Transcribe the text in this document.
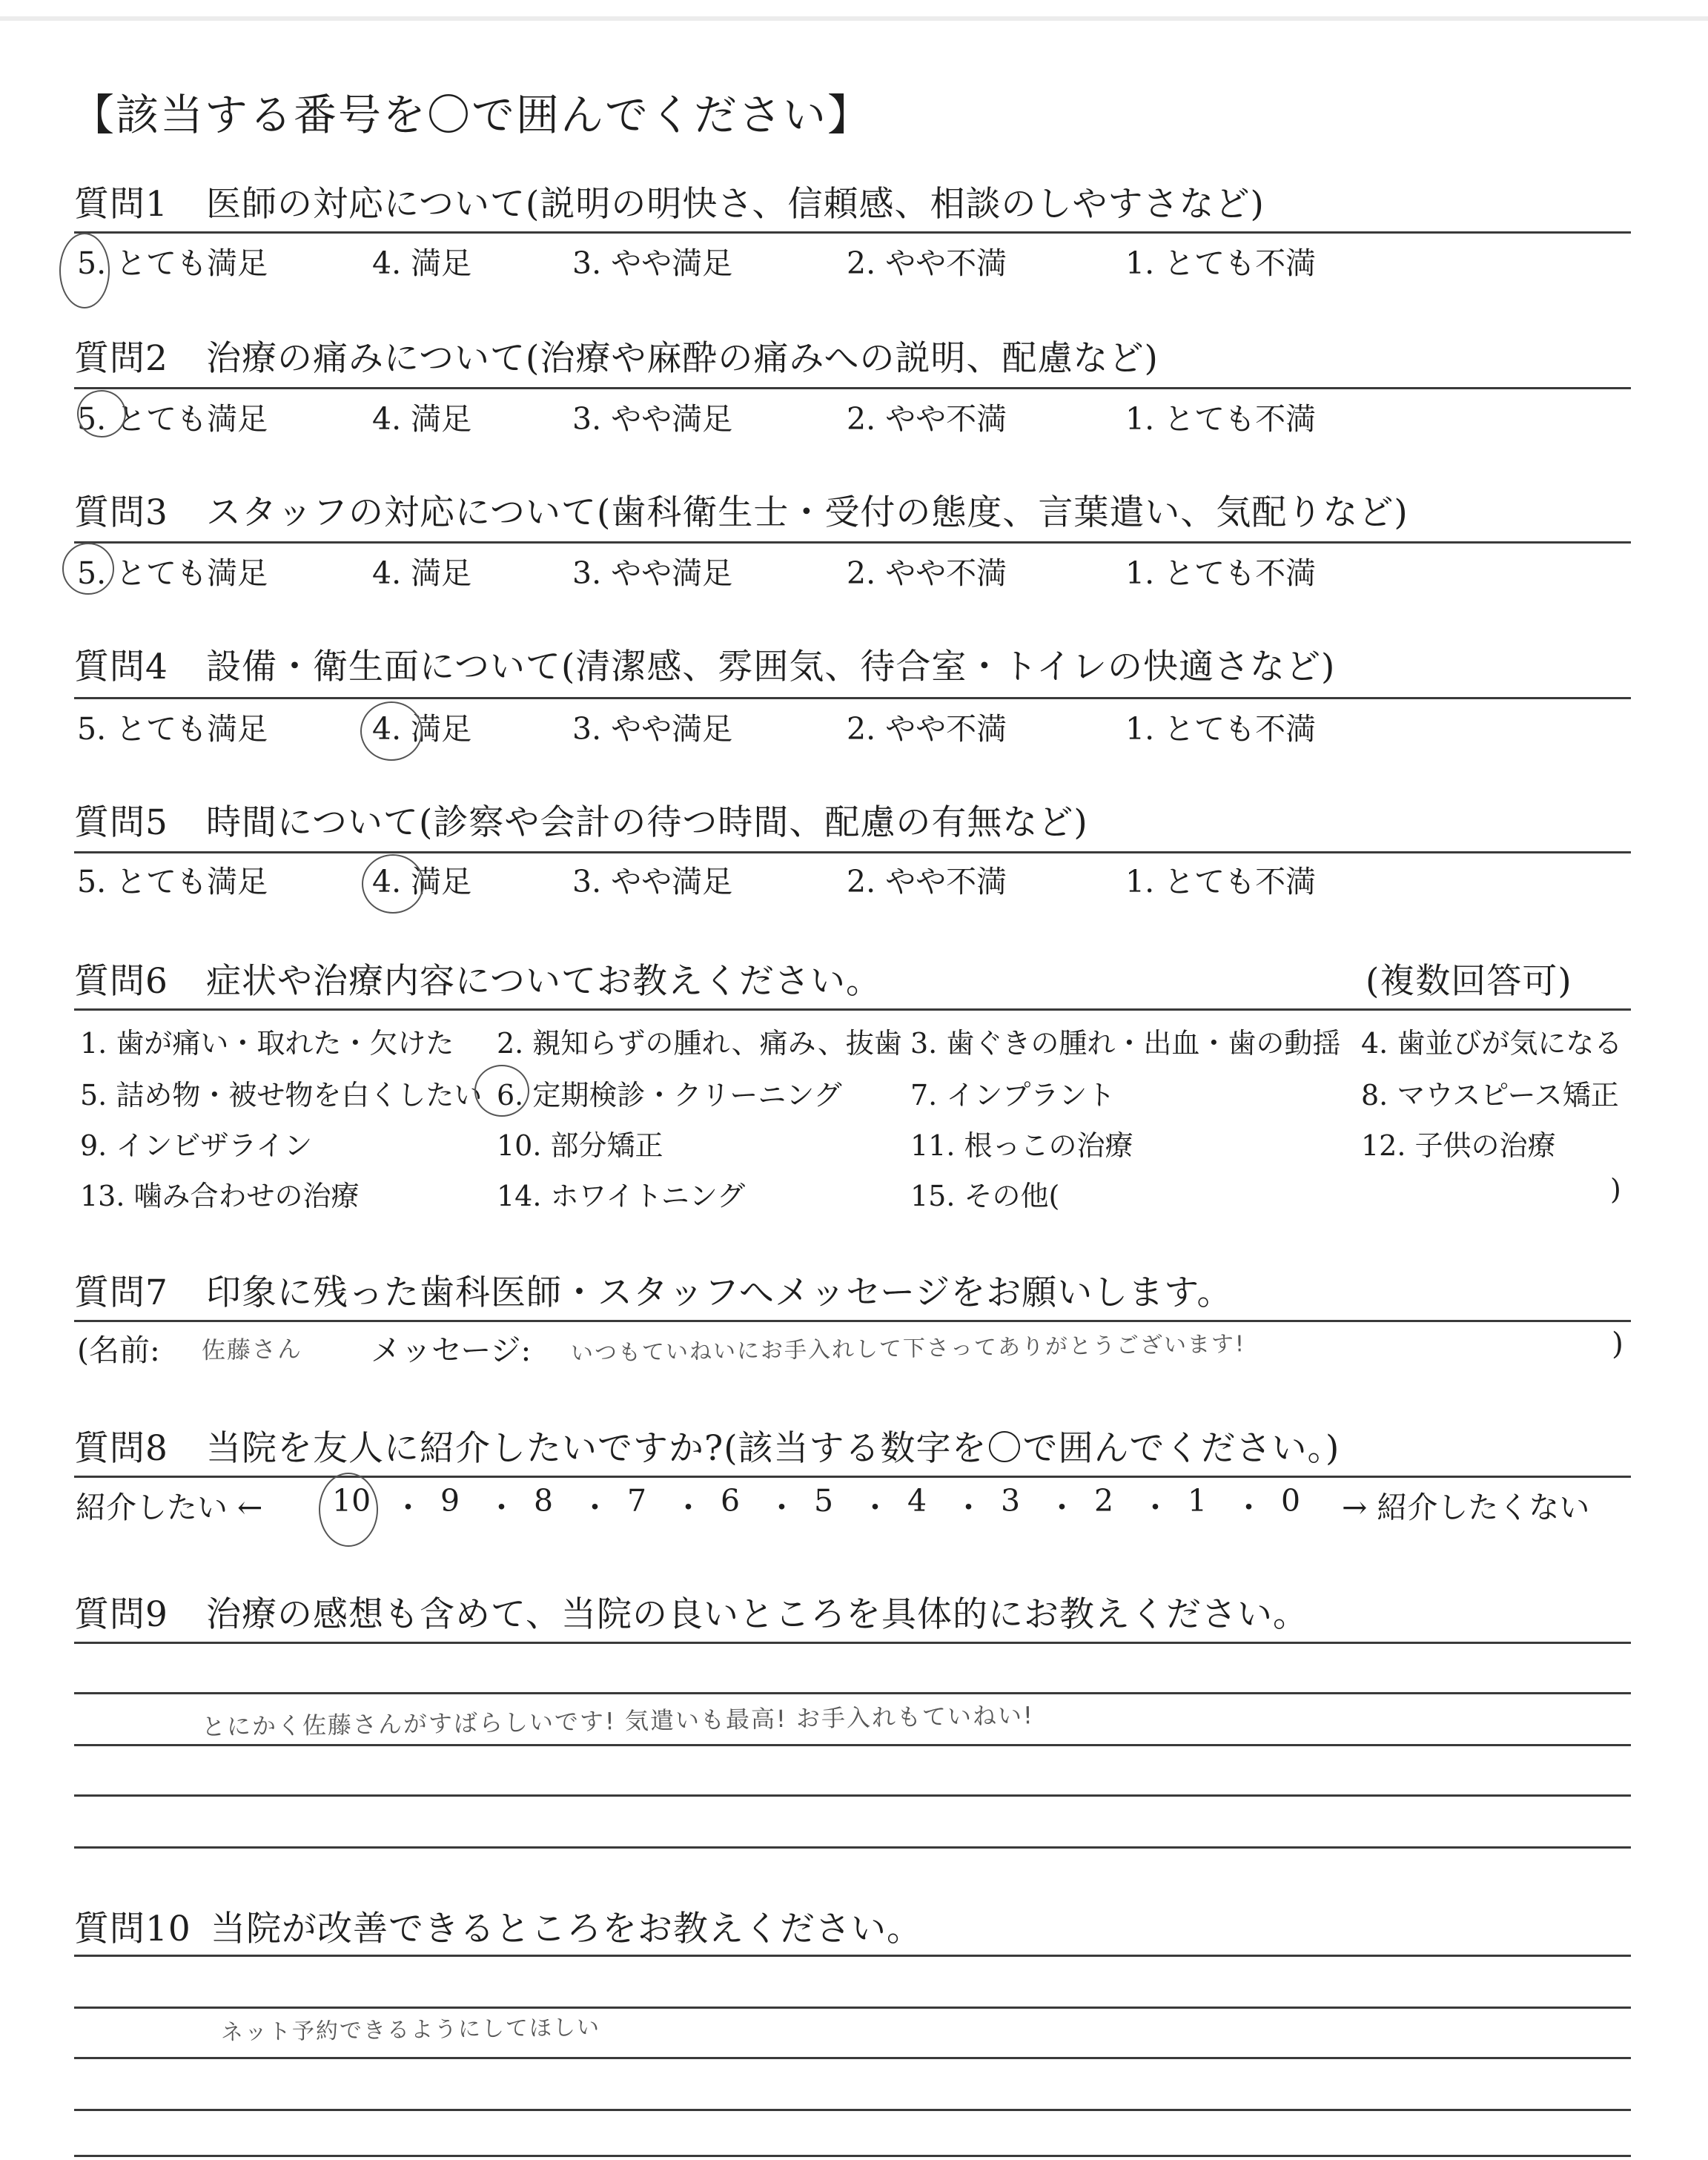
【該当する番号を〇で囲んでください】
質問1 医師の対応について(説明の明快さ、信頼感、相談のしやすさなど)
5. とても満足	4. 満足	3. やや満足	2. やや不満	1. とても不満
質問2 治療の痛みについて(治療や麻酔の痛みへの説明、配慮など)
5. とても満足	4. 満足	3. やや満足	2. やや不満	1. とても不満
質問3 スタッフの対応について(歯科衛生士・受付の態度、言葉遣い、気配りなど)
5. とても満足	4. 満足	3. やや満足	2. やや不満	1. とても不満
質問4 設備・衛生面について(清潔感、雰囲気、待合室・トイレの快適さなど)
5. とても満足	4. 満足	3. やや満足	2. やや不満	1. とても不満
質問5 時間について(診察や会計の待つ時間、配慮の有無など)
5. とても満足	4. 満足	3. やや満足	2. やや不満	1. とても不満
質問6 症状や治療内容についてお教えください。	(複数回答可)
1. 歯が痛い・取れた・欠けた 2. 親知らずの腫れ、痛み、抜歯 3. 歯ぐきの腫れ・出血・歯の動揺 4. 歯並びが気になる
5. 詰め物・被せ物を白くしたい 6. 定期検診・クリーニング 7. インプラント	8. マウスピース矯正
9. インビザライン	10. 部分矯正	11. 根っこの治療	12. 子供の治療
13. 噛み合わせの治療	14. ホワイトニング	15. その他(	)
質問7 印象に残った歯科医師・スタッフへメッセージをお願いします。
(名前: 佐藤さん メッセージ: いつもていねいにお手入れして下さってありがとうございます!	)
質問8 当院を友人に紹介したいですか?(該当する数字を〇で囲んでください。)
紹介したい ← 10 ・ 9 ・ 8 ・ 7 ・ 6 ・ 5 ・ 4 ・ 3 ・ 2 ・ 1 ・ 0 → 紹介したくない
質問9 治療の感想も含めて、当院の良いところを具体的にお教えください。
とにかく佐藤さんがすばらしいです! 気遣いも最高! お手入れもていねい!
質問10 当院が改善できるところをお教えください。
ネット予約できるようにしてほしい
